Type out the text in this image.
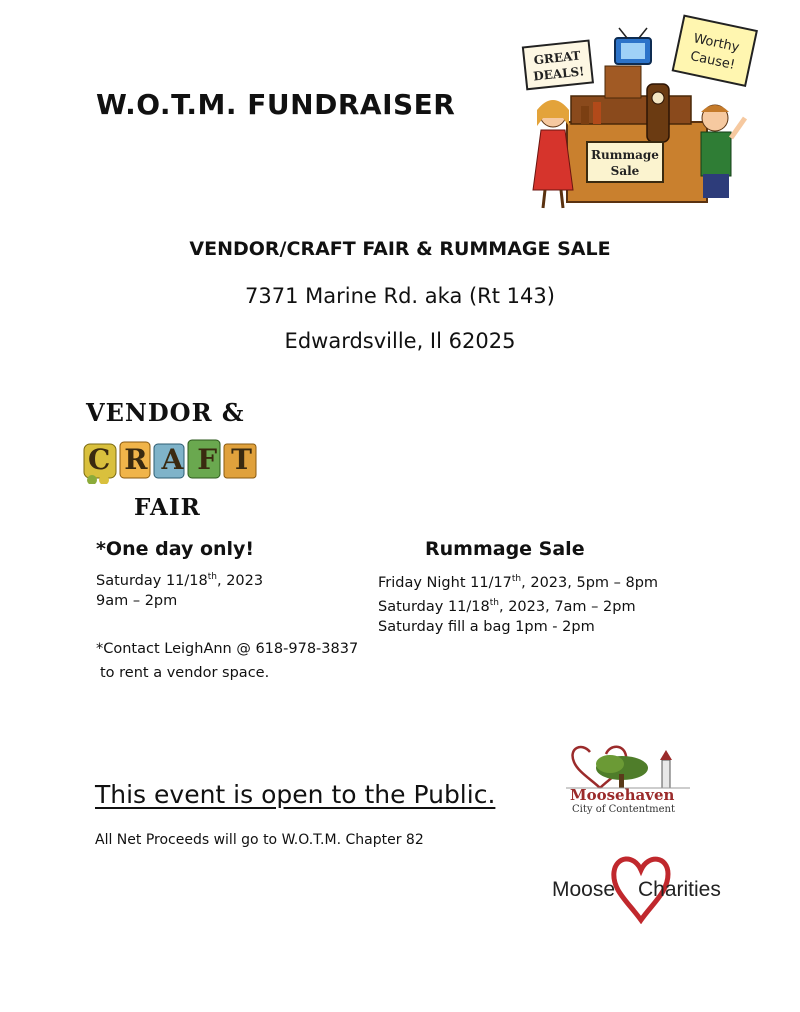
W.O.T.M. FUNDRAISER
GREAT
DEALS!
Worthy
Cause!
Rummage
Sale
VENDOR/CRAFT FAIR & RUMMAGE SALE
7371 Marine Rd. aka (Rt 143)
Edwardsville, Il 62025
VENDOR &
CRAFT
FAIR
*One day only!
Saturday 11/18th, 2023
9am – 2pm
*Contact LeighAnn @ 618-978-3837
to rent a vendor space.
Rummage Sale
Friday Night 11/17th, 2023, 5pm – 8pm
Saturday 11/18th, 2023, 7am – 2pm
Saturday fill a bag 1pm - 2pm
This event is open to the Public.
All Net Proceeds will go to W.O.T.M. Chapter 82
Moosehaven
City of Contentment
Moose Charities
